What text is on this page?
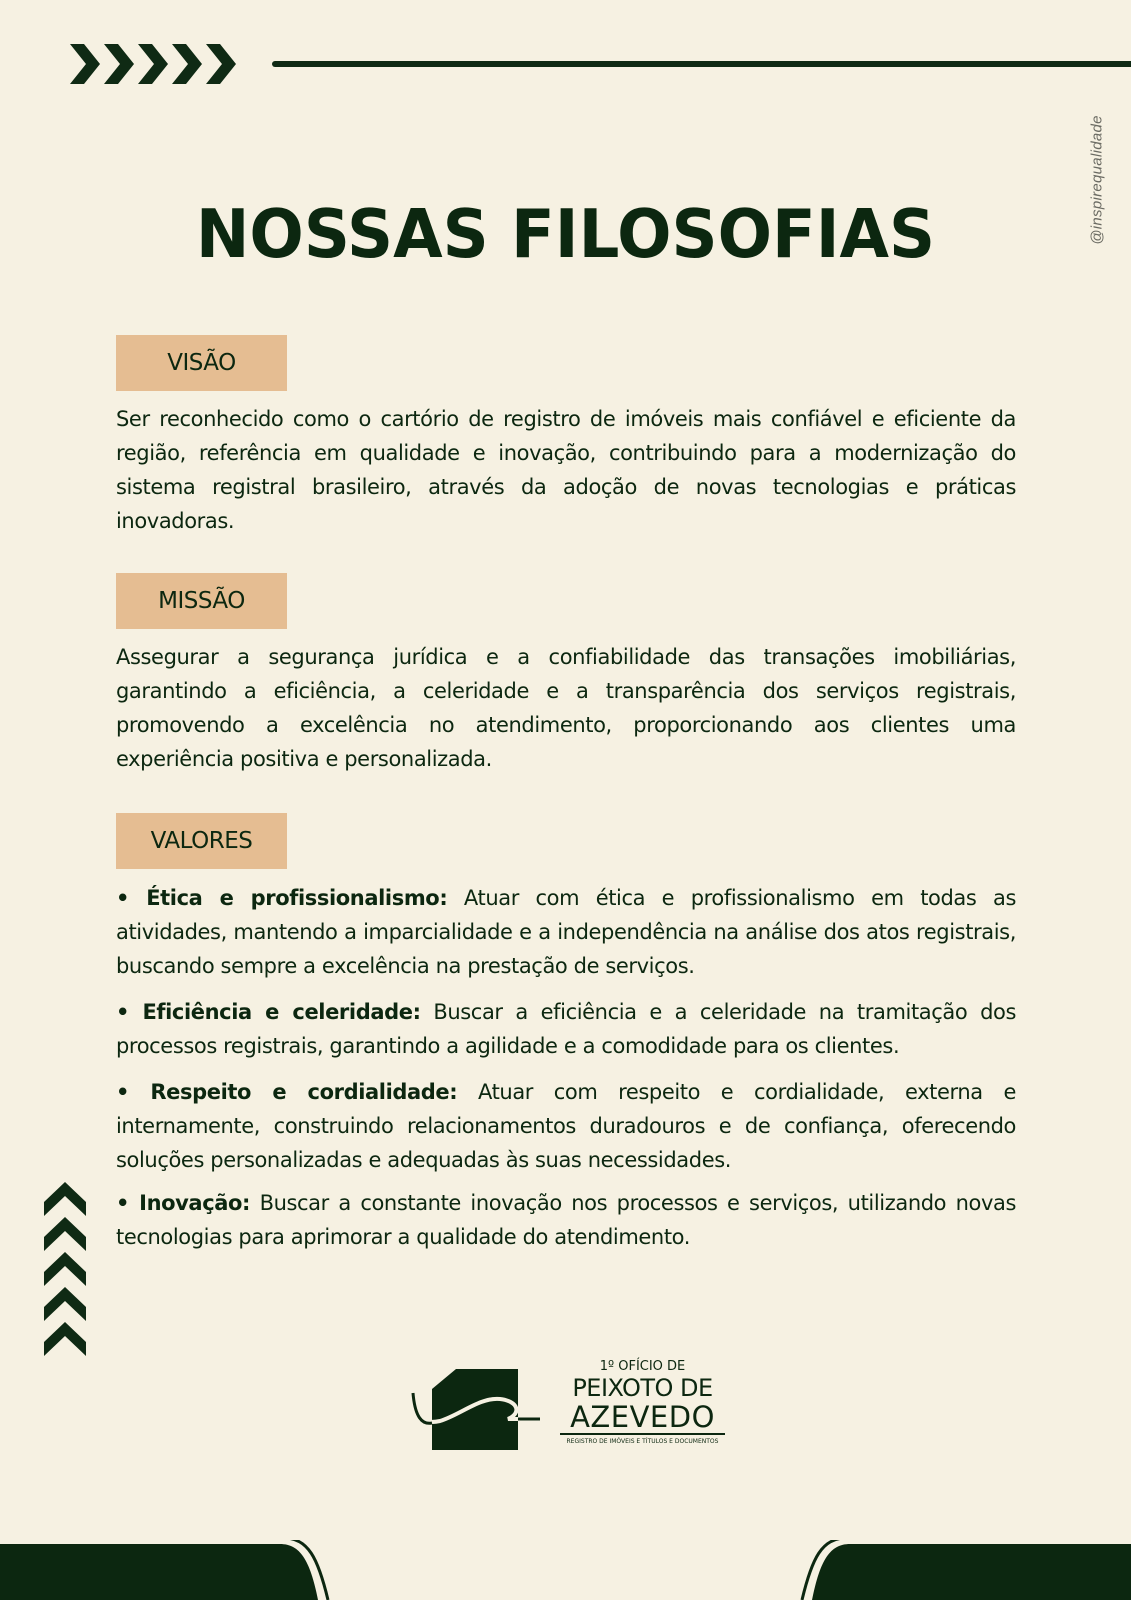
@inspirequalidade
NOSSAS FILOSOFIAS
VISÃO
Ser reconhecido como o cartório de registro de imóveis mais confiável e eficiente da região, referência em qualidade e inovação, contribuindo para a modernização do sistema registral brasileiro, através da adoção de novas tecnologias e práticas inovadoras.
MISSÃO
Assegurar a segurança jurídica e a confiabilidade das transações imobiliárias, garantindo a eficiência, a celeridade e a transparência dos serviços registrais, promovendo a excelência no atendimento, proporcionando aos clientes uma experiência positiva e personalizada.
VALORES
• Ética e profissionalismo: Atuar com ética e profissionalismo em todas as atividades, mantendo a imparcialidade e a independência na análise dos atos registrais, buscando sempre a excelência na prestação de serviços.
• Eficiência e celeridade: Buscar a eficiência e a celeridade na tramitação dos processos registrais, garantindo a agilidade e a comodidade para os clientes.
• Respeito e cordialidade: Atuar com respeito e cordialidade, externa e internamente, construindo relacionamentos duradouros e de confiança, oferecendo soluções personalizadas e adequadas às suas necessidades.
• Inovação: Buscar a constante inovação nos processos e serviços, utilizando novas tecnologias para aprimorar a qualidade do atendimento.
1º OFÍCIO DE
PEIXOTO DE
AZEVEDO
REGISTRO DE IMÓVEIS E TÍTULOS E DOCUMENTOS
